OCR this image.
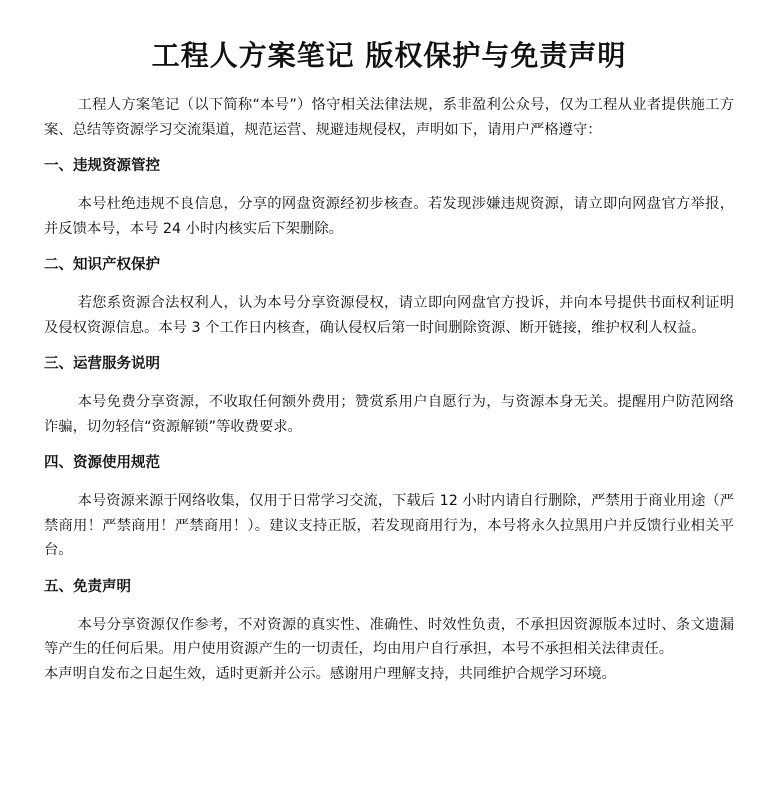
工程人方案笔记 版权保护与免责声明

工程人方案笔记（以下简称“本号”）恪守相关法律法规，系非盈利公众号，仅为工程从业者提供施工方案、总结等资源学习交流渠道，规范运营、规避违规侵权，声明如下，请用户严格遵守：

一、违规资源管控

本号杜绝违规不良信息，分享的网盘资源经初步核查。若发现涉嫌违规资源，请立即向网盘官方举报，并反馈本号，本号 24 小时内核实后下架删除。

二、知识产权保护

若您系资源合法权利人，认为本号分享资源侵权，请立即向网盘官方投诉，并向本号提供书面权利证明及侵权资源信息。本号 3 个工作日内核查，确认侵权后第一时间删除资源、断开链接，维护权利人权益。

三、运营服务说明

本号免费分享资源，不收取任何额外费用；赞赏系用户自愿行为，与资源本身无关。提醒用户防范网络诈骗，切勿轻信“资源解锁”等收费要求。

四、资源使用规范

本号资源来源于网络收集，仅用于日常学习交流，下载后 12 小时内请自行删除，严禁用于商业用途（严禁商用！严禁商用！严禁商用！）。建议支持正版，若发现商用行为，本号将永久拉黑用户并反馈行业相关平台。

五、免责声明

本号分享资源仅作参考，不对资源的真实性、准确性、时效性负责，不承担因资源版本过时、条文遗漏等产生的任何后果。用户使用资源产生的一切责任，均由用户自行承担，本号不承担相关法律责任。

本声明自发布之日起生效，适时更新并公示。感谢用户理解支持，共同维护合规学习环境。
